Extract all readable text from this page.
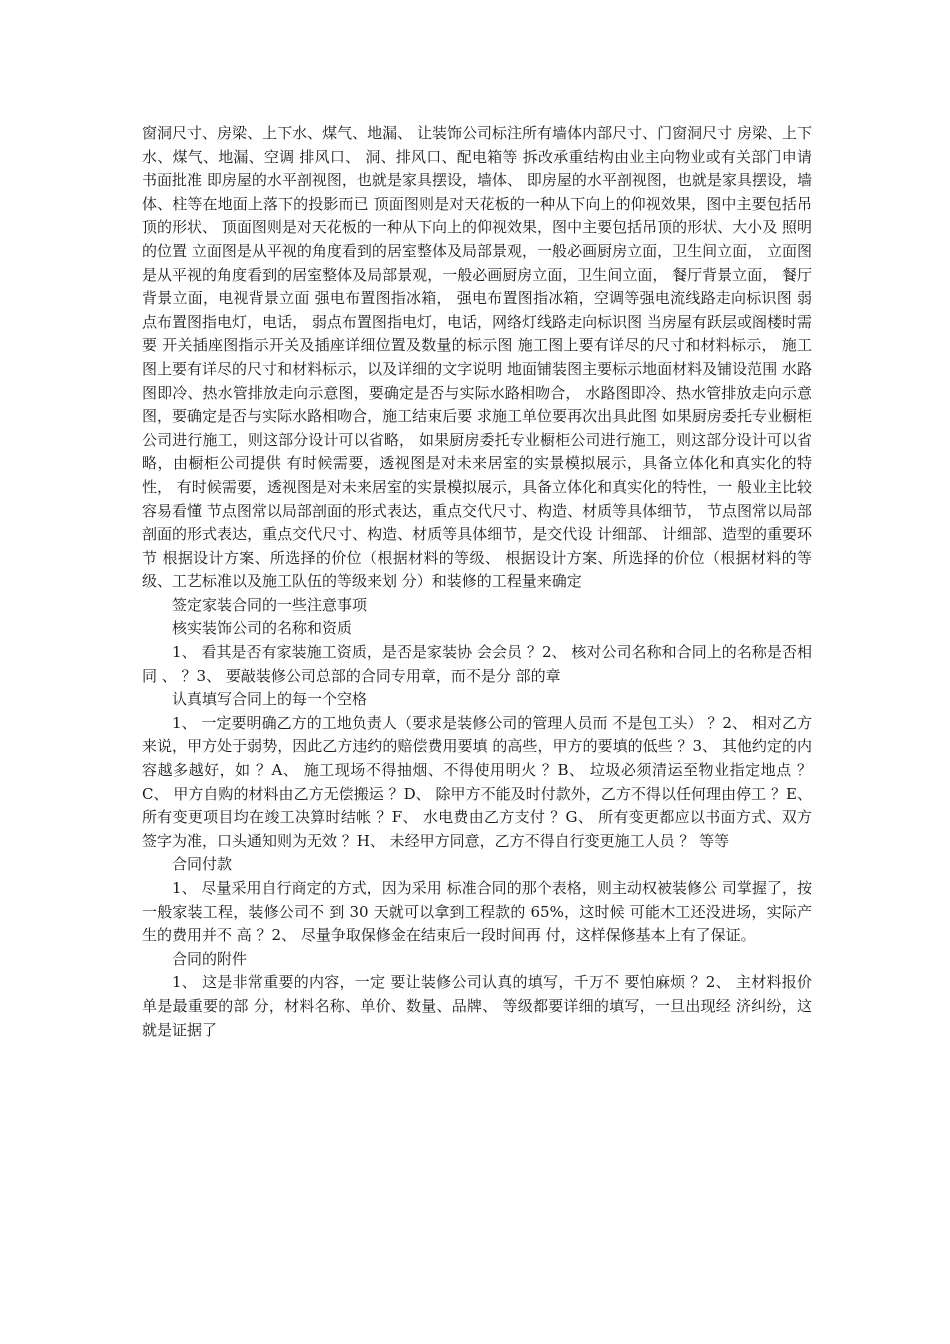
窗洞尺寸、房梁、上下水、煤气、地漏、 让装饰公司标注所有墙体内部尺寸、门窗洞尺寸 房梁、上下水、煤气、地漏、空调 排风口、 洞、排风口、配电箱等 拆改承重结构由业主向物业或有关部门申请书面批准 即房屋的水平剖视图，也就是家具摆设，墙体、 即房屋的水平剖视图，也就是家具摆设，墙体、柱等在地面上落下的投影而已 顶面图则是对天花板的一种从下向上的仰视效果，图中主要包括吊顶的形状、 顶面图则是对天花板的一种从下向上的仰视效果，图中主要包括吊顶的形状、大小及 照明的位置 立面图是从平视的角度看到的居室整体及局部景观，一般必画厨房立面，卫生间立面， 立面图是从平视的角度看到的居室整体及局部景观，一般必画厨房立面，卫生间立面， 餐厅背景立面， 餐厅背景立面，电视背景立面 强电布置图指冰箱， 强电布置图指冰箱，空调等强电流线路走向标识图 弱点布置图指电灯，电话， 弱点布置图指电灯，电话，网络灯线路走向标识图 当房屋有跃层或阁楼时需要 开关插座图指示开关及插座详细位置及数量的标示图 施工图上要有详尽的尺寸和材料标示， 施工图上要有详尽的尺寸和材料标示，以及详细的文字说明 地面铺装图主要标示地面材料及铺设范围 水路图即冷、热水管排放走向示意图，要确定是否与实际水路相吻合， 水路图即冷、热水管排放走向示意图，要确定是否与实际水路相吻合，施工结束后要 求施工单位要再次出具此图 如果厨房委托专业橱柜公司进行施工，则这部分设计可以省略， 如果厨房委托专业橱柜公司进行施工，则这部分设计可以省略，由橱柜公司提供 有时候需要，透视图是对未来居室的实景模拟展示，具备立体化和真实化的特性， 有时候需要，透视图是对未来居室的实景模拟展示，具备立体化和真实化的特性，一 般业主比较容易看懂 节点图常以局部剖面的形式表达，重点交代尺寸、构造、材质等具体细节， 节点图常以局部剖面的形式表达，重点交代尺寸、构造、材质等具体细节，是交代设 计细部、 计细部、造型的重要环节 根据设计方案、所选择的价位（根据材料的等级、 根据设计方案、所选择的价位（根据材料的等级、工艺标准以及施工队伍的等级来划 分）和装修的工程量来确定

签定家装合同的一些注意事项

核实装饰公司的名称和资质

1、 看其是否有家装施工资质，是否是家装协 会会员 ？2、 核对公司名称和合同上的名称是否相同 、 ？3、 要敲装修公司总部的合同专用章，而不是分 部的章

认真填写合同上的每一个空格

1、 一定要明确乙方的工地负责人（要求是装修公司的管理人员而 不是包工头） ？2、 相对乙方来说，甲方处于弱势，因此乙方违约的赔偿费用要填 的高些，甲方的要填的低些 ？3、 其他约定的内容越多越好，如 ？A、 施工现场不得抽烟、不得使用明火 ？B、 垃圾必须清运至物业指定地点 ？C、 甲方自购的材料由乙方无偿搬运 ？D、 除甲方不能及时付款外，乙方不得以任何理由停工 ？E、 所有变更项目均在竣工决算时结帐 ？F、 水电费由乙方支付 ？G、 所有变更都应以书面方式、双方签字为准，口头通知则为无效 ？H、 未经甲方同意，乙方不得自行变更施工人员 ？ 等等

合同付款

1、 尽量采用自行商定的方式，因为采用 标准合同的那个表格，则主动权被装修公 司掌握了，按一般家装工程，装修公司不 到 30 天就可以拿到工程款的 65%，这时候 可能木工还没进场，实际产生的费用并不 高 ？2、 尽量争取保修金在结束后一段时间再 付，这样保修基本上有了保证。

合同的附件

1、 这是非常重要的内容，一定 要让装修公司认真的填写，千万不 要怕麻烦 ？2、 主材料报价单是最重要的部 分，材料名称、单价、数量、品牌、 等级都要详细的填写，一旦出现经 济纠纷，这就是证据了
